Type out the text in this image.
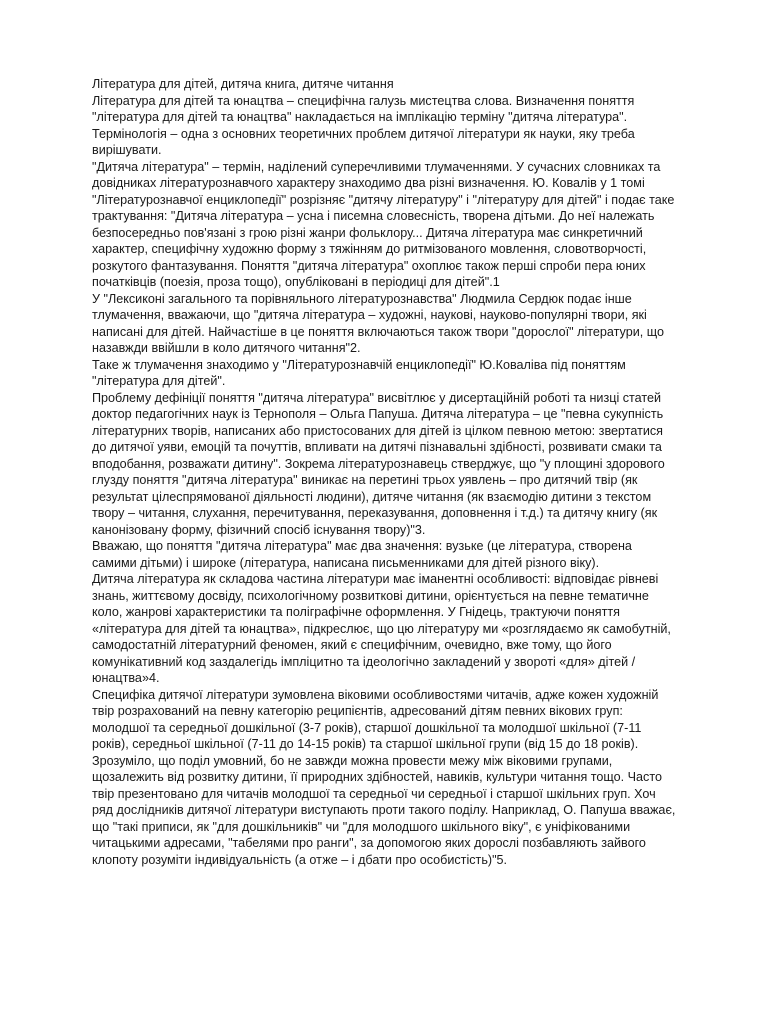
Література для дітей, дитяча книга, дитяче читання

Література для дітей та юнацтва – специфічна галузь мистецтва слова. Визначення поняття "література для дітей та юнацтва" накладається на імплікацію терміну "дитяча література". Термінологія – одна з основних теоретичних проблем дитячої літератури як науки, яку треба вирішувати.

"Дитяча література" – термін, наділений суперечливими тлумаченнями. У сучасних словниках та довідниках літературознавчого характеру знаходимо два різні визначення. Ю. Ковалів у 1 томі "Літературознавчої енциклопедії" розрізняє "дитячу літературу" і "літературу для дітей" і подає таке трактування: "Дитяча література – усна і писемна словесність, творена дітьми. До неї належать безпосередньо пов'язані з грою різні жанри фольклору... Дитяча література має синкретичний характер, специфічну художню форму з тяжінням до ритмізованого мовлення, словотворчості, розкутого фантазування. Поняття "дитяча література" охоплює також перші спроби пера юних початківців (поезія, проза тощо), опубліковані в періодиці для дітей".1

У "Лексиконі загального та порівняльного літературознавства" Людмила Сердюк подає інше тлумачення, вважаючи, що "дитяча література – художні, наукові, науково-популярні твори, які написані для дітей. Найчастіше в це поняття включаються також твори "дорослої" літератури, що назавжди ввійшли в коло дитячого читання"2.

Таке ж тлумачення знаходимо у "Літературознавчій енциклопедії" Ю.Коваліва під поняттям "література для дітей".

Проблему дефініції поняття "дитяча література" висвітлює у дисертаційній роботі та низці статей доктор педагогічних наук із Тернополя – Ольга Папуша. Дитяча література – це "певна сукупність літературних творів, написаних або пристосованих для дітей із цілком певною метою: звертатися до дитячої уяви, емоцій та почуттів, впливати на дитячі пізнавальні здібності, розвивати смаки та вподобання, розважати дитину". Зокрема літературознавець стверджує, що "у площині здорового глузду поняття "дитяча література" виникає на перетині трьох уявлень – про дитячий твір (як результат цілеспрямованої діяльності людини), дитяче читання (як взаємодію дитини з текстом твору – читання, слухання, перечитування, переказування, доповнення і т.д.) та дитячу книгу (як канонізовану форму, фізичний спосіб існування твору)"3.

Вважаю, що поняття "дитяча література" має два значення: вузьке (це література, створена самими дітьми) і широке (література, написана письменниками для дітей різного віку).

Дитяча література як складова частина літератури має іманентні особливості: відповідає рівневі знань, життєвому досвіду, психологічному розвиткові дитини, орієнтується на певне тематичне коло, жанрові характеристики та поліграфічне оформлення. У Гнідець, трактуючи поняття «література для дітей та юнацтва», підкреслює, що цю літературу ми «розглядаємо як самобутній, самодостатній літературний феномен, який є специфічним, очевидно, вже тому, що його комунікативний код заздалегідь імпліцитно та ідеологічно закладений у звороті «для» дітей / юнацтва»4.

Специфіка дитячої літератури зумовлена віковими особливостями читачів, адже кожен художній твір розрахований на певну категорію реципієнтів, адресований дітям певних вікових груп: молодшої та середньої дошкільної (3-7 років), старшої дошкільної та молодшої шкільної (7-11 років), середньої шкільної (7-11 до 14-15 років) та старшої шкільної групи (від 15 до 18 років). Зрозуміло, що поділ умовний, бо не завжди можна провести межу між віковими групами, щозалежить від розвитку дитини, її природних здібностей, навиків, культури читання тощо. Часто твір презентовано для читачів молодшої та середньої чи середньої і старшої шкільних груп. Хоч ряд дослідників дитячої літератури виступають проти такого поділу. Наприклад, О. Папуша вважає, що "такі приписи, як "для дошкільників" чи "для молодшого шкільного віку", є уніфікованими читацькими адресами, "табелями про ранги", за допомогою яких дорослі позбавляють зайвого клопоту розуміти індивідуальність (а отже – і дбати про особистість)"5.
